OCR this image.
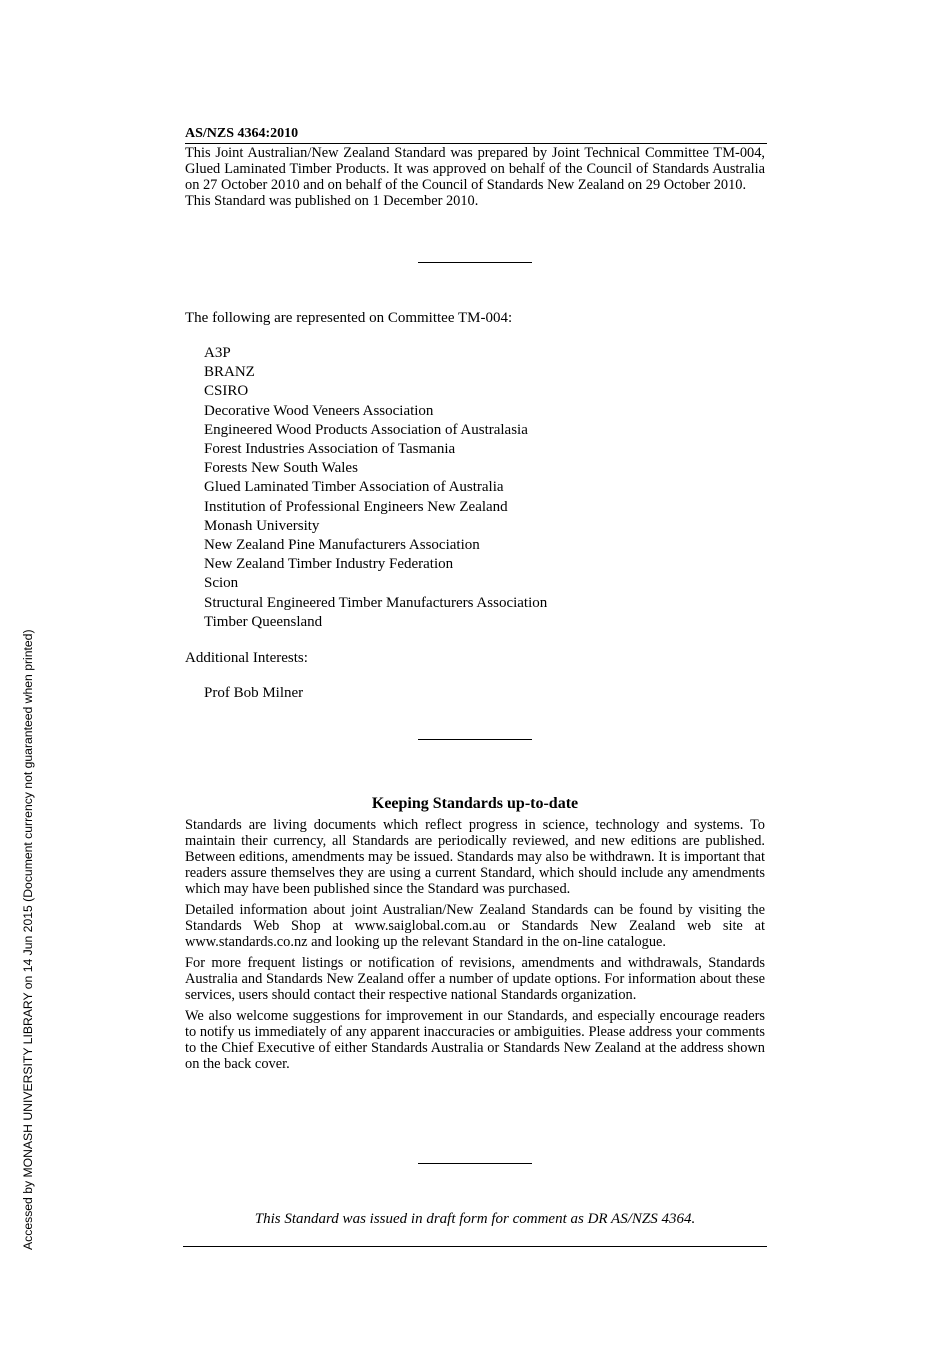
AS/NZS 4364:2010

This Joint Australian/New Zealand Standard was prepared by Joint Technical Committee TM-004, Glued Laminated Timber Products. It was approved on behalf of the Council of Standards Australia on 27 October 2010 and on behalf of the Council of Standards New Zealand on 29 October 2010.

This Standard was published on 1 December 2010.

The following are represented on Committee TM-004:
A3P
BRANZ
CSIRO
Decorative Wood Veneers Association
Engineered Wood Products Association of Australasia
Forest Industries Association of Tasmania
Forests New South Wales
Glued Laminated Timber Association of Australia
Institution of Professional Engineers New Zealand
Monash University
New Zealand Pine Manufacturers Association
New Zealand Timber Industry Federation
Scion
Structural Engineered Timber Manufacturers Association
Timber Queensland
Additional Interests:
Prof Bob Milner
Keeping Standards up-to-date

Standards are living documents which reflect progress in science, technology and systems. To maintain their currency, all Standards are periodically reviewed, and new editions are published. Between editions, amendments may be issued. Standards may also be withdrawn. It is important that readers assure themselves they are using a current Standard, which should include any amendments which may have been published since the Standard was purchased.

Detailed information about joint Australian/New Zealand Standards can be found by visiting the Standards Web Shop at www.saiglobal.com.au or Standards New Zealand web site at www.standards.co.nz and looking up the relevant Standard in the on-line catalogue.

For more frequent listings or notification of revisions, amendments and withdrawals, Standards Australia and Standards New Zealand offer a number of update options. For information about these services, users should contact their respective national Standards organization.

We also welcome suggestions for improvement in our Standards, and especially encourage readers to notify us immediately of any apparent inaccuracies or ambiguities. Please address your comments to the Chief Executive of either Standards Australia or Standards New Zealand at the address shown on the back cover.

This Standard was issued in draft form for comment as DR AS/NZS 4364.
Accessed by MONASH UNIVERSITY LIBRARY on 14 Jun 2015 (Document currency not guaranteed when printed)
